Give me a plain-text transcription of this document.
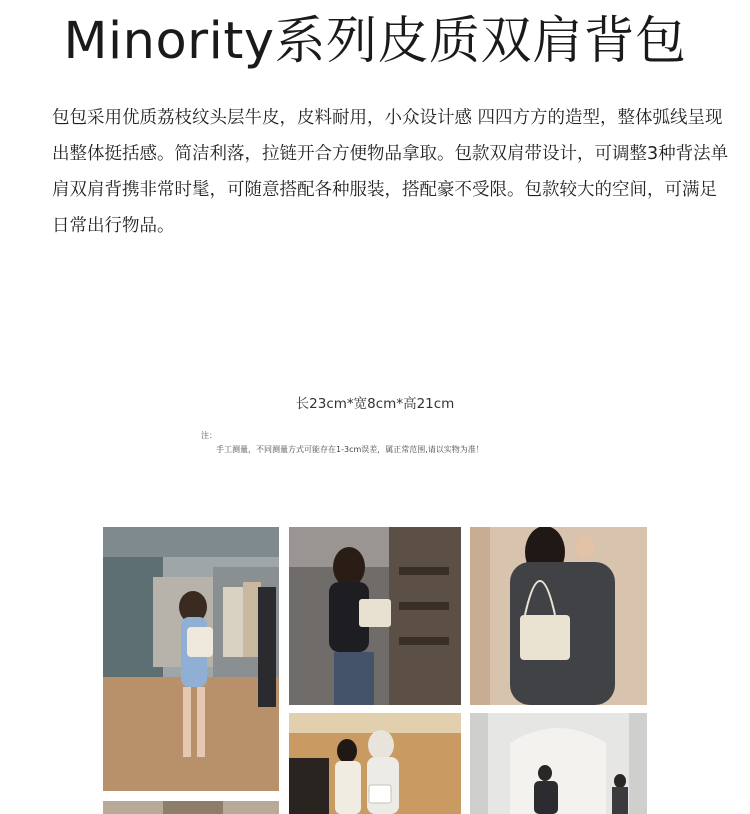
Minority系列皮质双肩背包
包包采用优质荔枝纹头层牛皮，皮料耐用，小众设计感 四四方方的造型，整体弧线呈现出整体挺括感。简洁利落，拉链开合方便物品拿取。包款双肩带设计，可调整3种背法单肩双肩背携非常时髦，可随意搭配各种服装，搭配豪不受限。包款较大的空间，可满足日常出行物品。
长23cm*宽8cm*高21cm
注：
手工测量，不同测量方式可能存在1-3cm误差，属正常范围,请以实物为准！
